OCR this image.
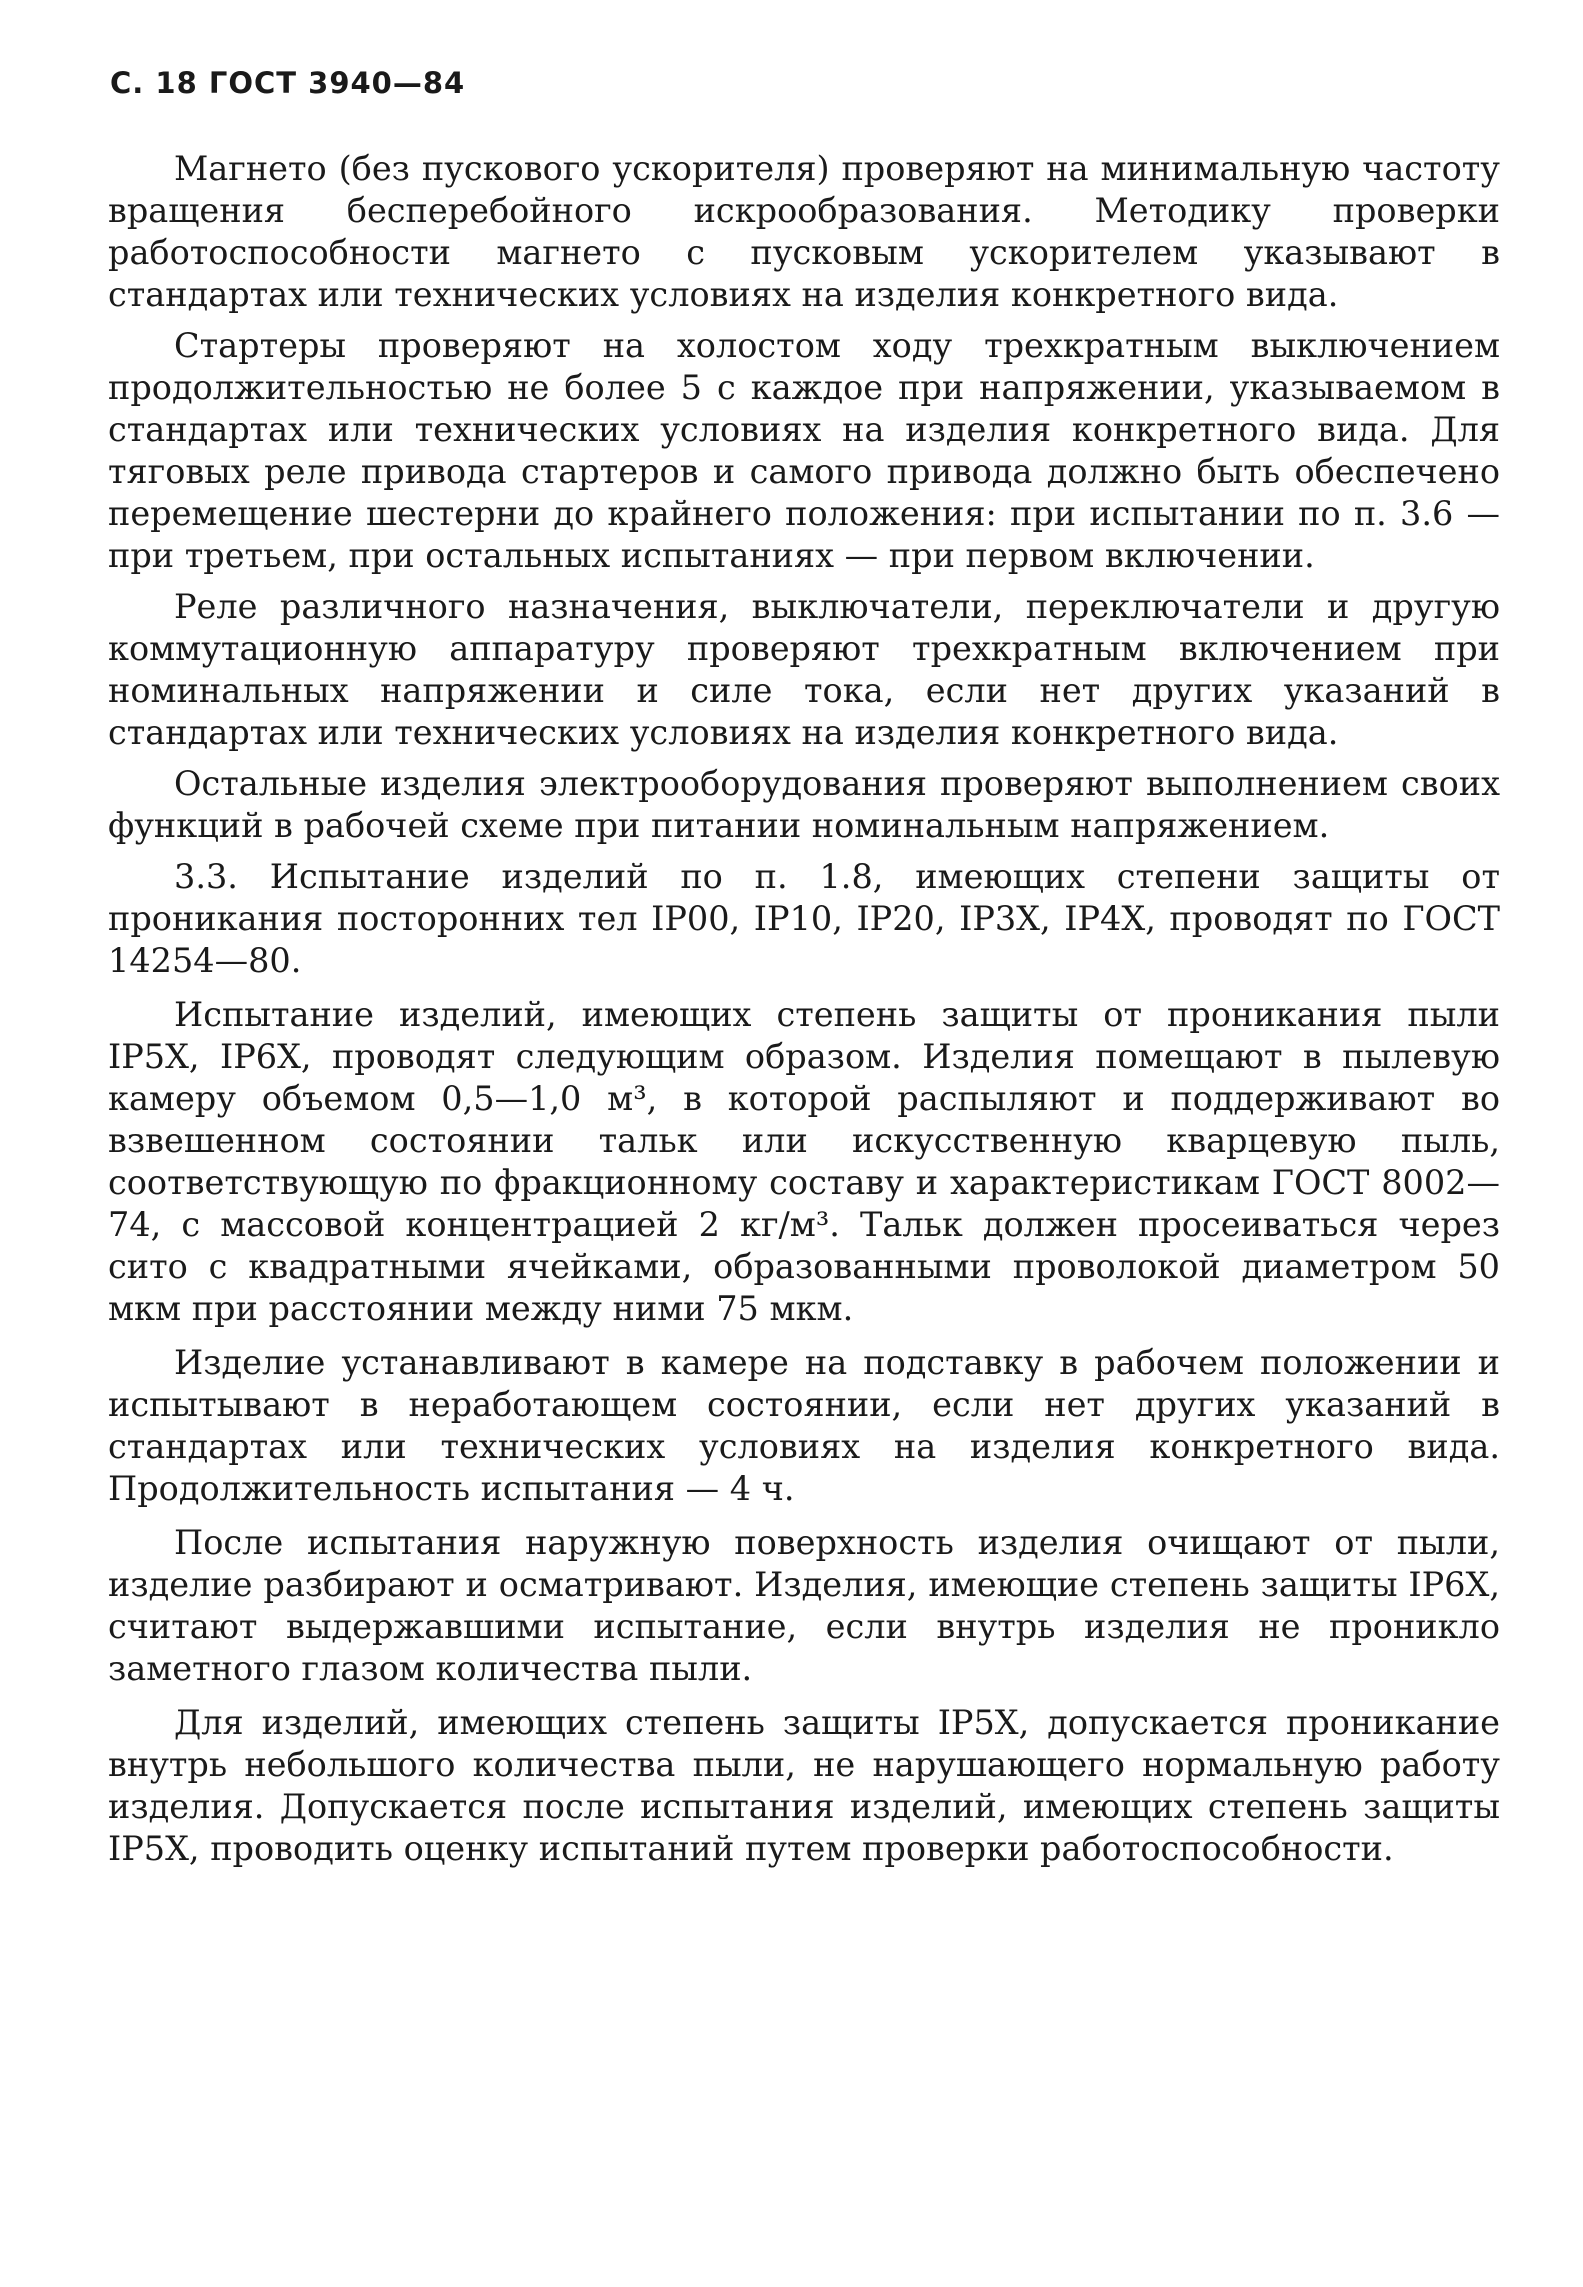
С. 18 ГОСТ 3940—84

Магнето (без пускового ускорителя) проверяют на минимальную частоту вращения бесперебойного искрообразования. Методику проверки работоспособности магнето с пусковым ускорителем указывают в стандартах или технических условиях на изделия конкретного вида.

Стартеры проверяют на холостом ходу трехкратным выключением продолжительностью не более 5 с каждое при напряжении, указываемом в стандартах или технических условиях на изделия конкретного вида. Для тяговых реле привода стартеров и самого привода должно быть обеспечено перемещение шестерни до крайнего положения: при испытании по п. 3.6 — при третьем, при остальных испытаниях — при первом включении.

Реле различного назначения, выключатели, переключатели и другую коммутационную аппаратуру проверяют трехкратным включением при номинальных напряжении и силе тока, если нет других указаний в стандартах или технических условиях на изделия конкретного вида.

Остальные изделия электрооборудования проверяют выполнением своих функций в рабочей схеме при питании номинальным напряжением.

3.3. Испытание изделий по п. 1.8, имеющих степени защиты от проникания посторонних тел IP00, IP10, IP20, IP3X, IP4X, проводят по ГОСТ 14254—80.

Испытание изделий, имеющих степень защиты от проникания пыли IP5X, IP6X, проводят следующим образом. Изделия помещают в пылевую камеру объемом 0,5—1,0 м³, в которой распыляют и поддерживают во взвешенном состоянии тальк или искусственную кварцевую пыль, соответствующую по фракционному составу и характеристикам ГОСТ 8002—74, с массовой концентрацией 2 кг/м³. Тальк должен просеиваться через сито с квадратными ячейками, образованными проволокой диаметром 50 мкм при расстоянии между ними 75 мкм.

Изделие устанавливают в камере на подставку в рабочем положении и испытывают в неработающем состоянии, если нет других указаний в стандартах или технических условиях на изделия конкретного вида. Продолжительность испытания — 4 ч.

После испытания наружную поверхность изделия очищают от пыли, изделие разбирают и осматривают. Изделия, имеющие степень защиты IP6X, считают выдержавшими испытание, если внутрь изделия не проникло заметного глазом количества пыли.

Для изделий, имеющих степень защиты IP5X, допускается проникание внутрь небольшого количества пыли, не нарушающего нормальную работу изделия. Допускается после испытания изделий, имеющих степень защиты IP5X, проводить оценку испытаний путем проверки работоспособности.
